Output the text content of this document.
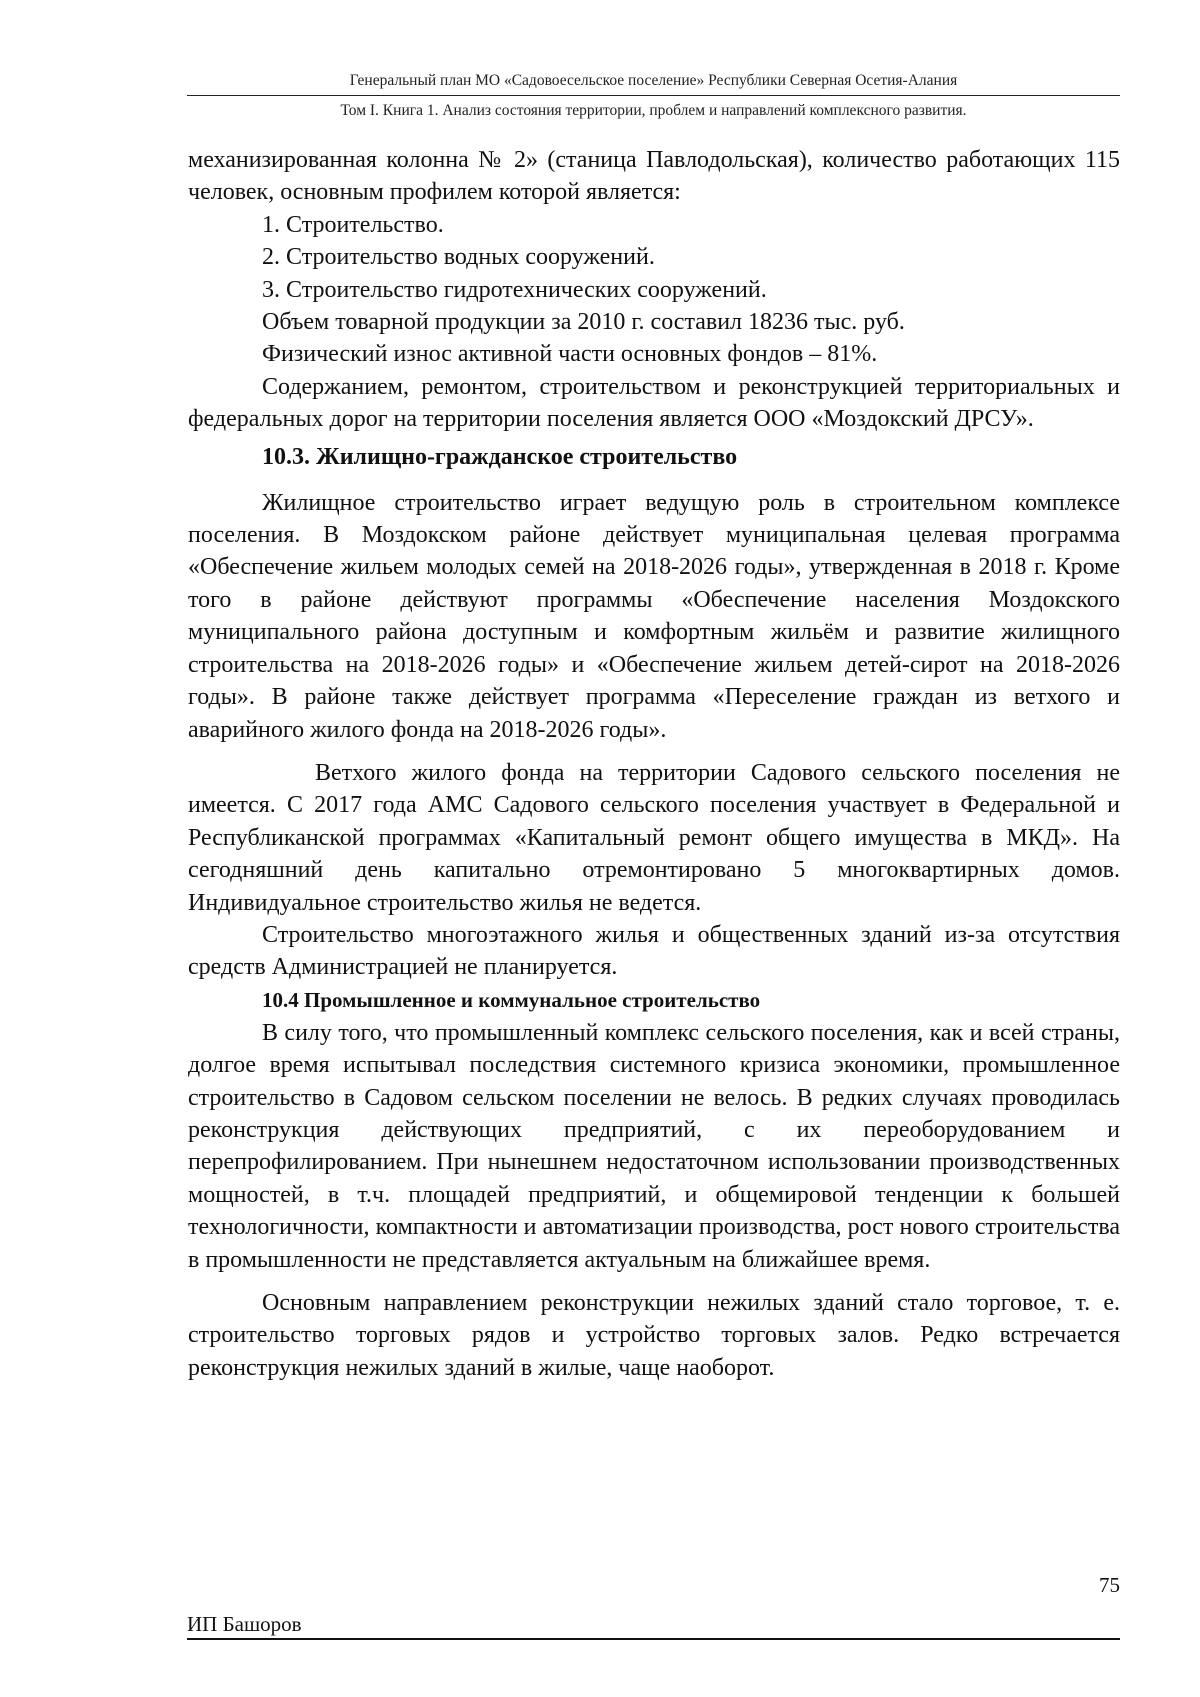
Генеральный план МО «Садовоесельское поселение» Республики Северная Осетия-Алания
Том I. Книга 1. Анализ состояния территории, проблем и направлений комплексного развития.

механизированная колонна № 2» (станица Павлодольская), количество работающих 115 человек, основным профилем которой является:

1. Строительство.

2. Строительство водных сооружений.

3. Строительство гидротехнических сооружений.

Объем товарной продукции за 2010 г. составил 18236 тыс. руб.

Физический износ активной части основных фондов – 81%.

Содержанием, ремонтом, строительством и реконструкцией территориальных и федеральных дорог на территории поселения является ООО «Моздокский ДРСУ».

10.3. Жилищно-гражданское строительство

Жилищное строительство играет ведущую роль в строительном комплексе поселения. В Моздокском районе действует муниципальная целевая программа «Обеспечение жильем молодых семей на 2018-2026 годы», утвержденная в 2018 г. Кроме того в районе действуют программы «Обеспечение населения Моздокского муниципального района доступным и комфортным жильём и развитие жилищного строительства на 2018-2026 годы» и «Обеспечение жильем детей-сирот на 2018-2026 годы». В районе также действует программа «Переселение граждан из ветхого и аварийного жилого фонда на 2018-2026 годы».

Ветхого жилого фонда на территории Садового сельского поселения не имеется. С 2017 года АМС Садового сельского поселения участвует в Федеральной и Республиканской программах «Капитальный ремонт общего имущества в МКД». На сегодняшний день капитально отремонтировано 5 многоквартирных домов. Индивидуальное строительство жилья не ведется.

Строительство многоэтажного жилья и общественных зданий из-за отсутствия средств Администрацией не планируется.

10.4 Промышленное и коммунальное строительство

В силу того, что промышленный комплекс сельского поселения, как и всей страны, долгое время испытывал последствия системного кризиса экономики, промышленное строительство в Садовом сельском поселении не велось. В редких случаях проводилась реконструкция действующих предприятий, с их переоборудованием и перепрофилированием. При нынешнем недостаточном использовании производственных мощностей, в т.ч. площадей предприятий, и общемировой тенденции к большей технологичности, компактности и автоматизации производства, рост нового строительства в промышленности не представляется актуальным на ближайшее время.

Основным направлением реконструкции нежилых зданий стало торговое, т. е. строительство торговых рядов и устройство торговых залов. Редко встречается реконструкция нежилых зданий в жилые, чаще наоборот.

75
ИП Башоров
